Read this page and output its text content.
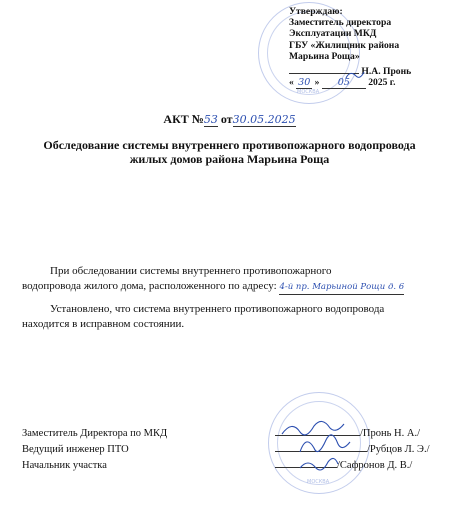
МОСКВА
МОСКВА
Утверждаю:
Заместитель директора
Эксплуатации МКД
ГБУ «Жилищник района
Марьина Роща»
Н.А. Пронь
« 30 » 05 2025 г.
АКТ №53 от30.05.2025
Обследование системы внутреннего противопожарного водопровода
жилых домов района Марьина Роща
При обследовании системы внутреннего противопожарного
водопровода жилого дома, расположенного по адресу: 4-й пр. Марьиной Рощи д. 6
Установлено, что система внутреннего противопожарного водопровода
находится в исправном состоянии.
Заместитель Директора по МКД	/Пронь Н. А./
Ведущий инженер ПТО	/Рубцов Л. Э./
Начальник участка	/Сафронов Д. В./
